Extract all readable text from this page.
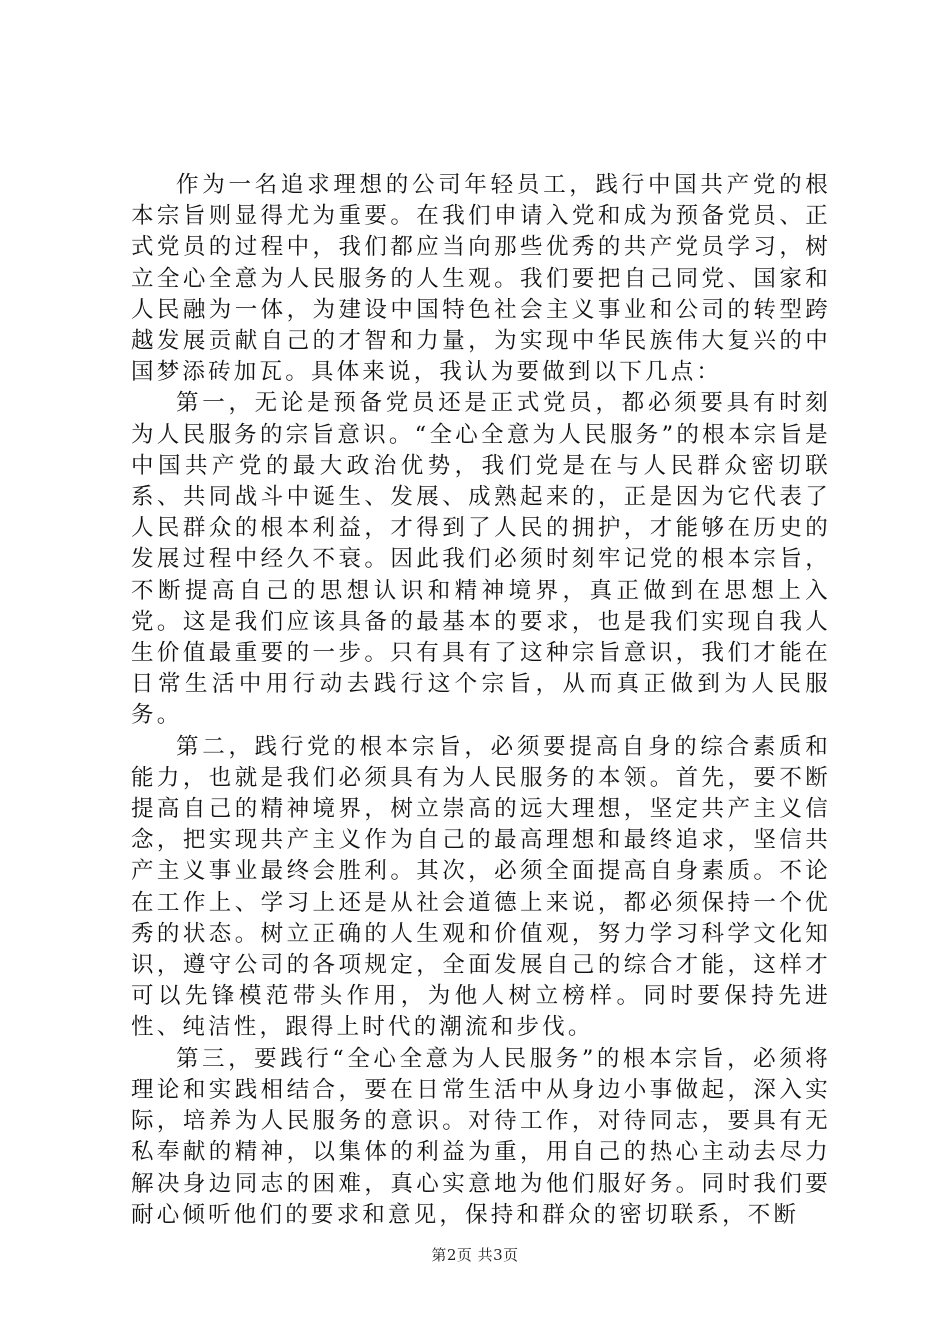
作为一名追求理想的公司年轻员工，践行中国共产党的根本宗旨则显得尤为重要。在我们申请入党和成为预备党员、正式党员的过程中，我们都应当向那些优秀的共产党员学习，树立全心全意为人民服务的人生观。我们要把自己同党、国家和人民融为一体，为建设中国特色社会主义事业和公司的转型跨越发展贡献自己的才智和力量，为实现中华民族伟大复兴的中国梦添砖加瓦。具体来说，我认为要做到以下几点：

第一，无论是预备党员还是正式党员，都必须要具有时刻为人民服务的宗旨意识。“全心全意为人民服务”的根本宗旨是中国共产党的最大政治优势，我们党是在与人民群众密切联系、共同战斗中诞生、发展、成熟起来的，正是因为它代表了人民群众的根本利益，才得到了人民的拥护，才能够在历史的发展过程中经久不衰。因此我们必须时刻牢记党的根本宗旨，不断提高自己的思想认识和精神境界，真正做到在思想上入党。这是我们应该具备的最基本的要求，也是我们实现自我人生价值最重要的一步。只有具有了这种宗旨意识，我们才能在日常生活中用行动去践行这个宗旨，从而真正做到为人民服务。

第二，践行党的根本宗旨，必须要提高自身的综合素质和能力，也就是我们必须具有为人民服务的本领。首先，要不断提高自己的精神境界，树立崇高的远大理想，坚定共产主义信念，把实现共产主义作为自己的最高理想和最终追求，坚信共产主义事业最终会胜利。其次，必须全面提高自身素质。不论在工作上、学习上还是从社会道德上来说，都必须保持一个优秀的状态。树立正确的人生观和价值观，努力学习科学文化知识，遵守公司的各项规定，全面发展自己的综合才能，这样才可以先锋模范带头作用，为他人树立榜样。同时要保持先进性、纯洁性，跟得上时代的潮流和步伐。

第三，要践行“全心全意为人民服务”的根本宗旨，必须将理论和实践相结合，要在日常生活中从身边小事做起，深入实际，培养为人民服务的意识。对待工作，对待同志，要具有无私奉献的精神，以集体的利益为重，用自己的热心主动去尽力解决身边同志的困难，真心实意地为他们服好务。同时我们要耐心倾听他们的要求和意见，保持和群众的密切联系，不断

第2页 共3页
